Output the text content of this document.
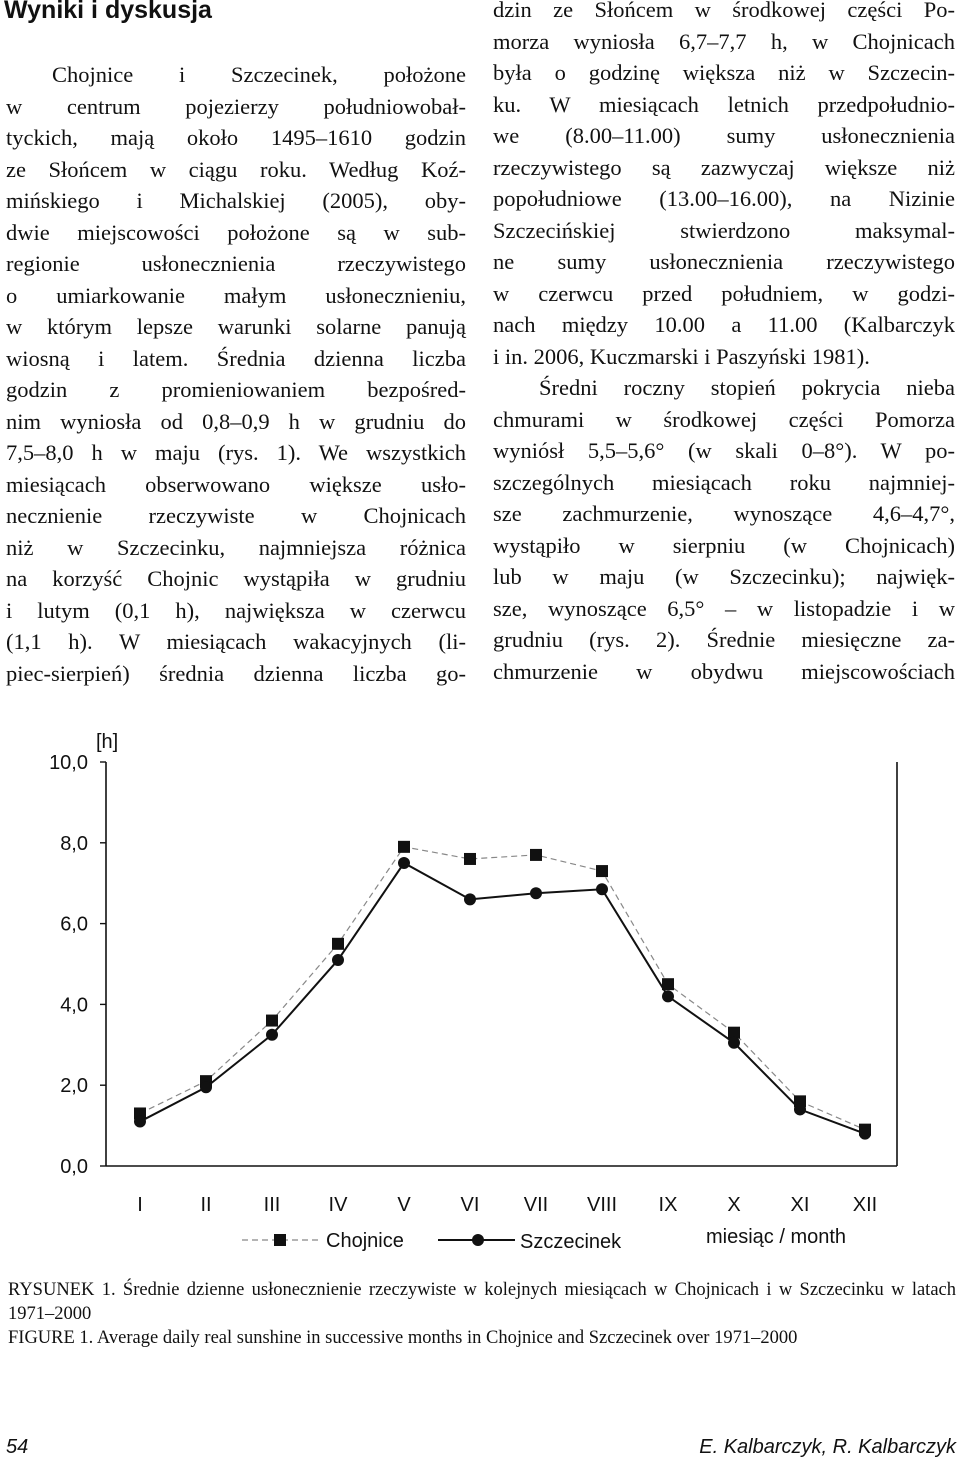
Wyniki i dyskusja
Chojnice i Szczecinek, położone
w centrum pojezierzy południowobał-
tyckich, mają około 1495–1610 godzin
ze Słońcem w ciągu roku. Według Koź-
mińskiego i Michalskiej (2005), oby-
dwie miejscowości położone są w sub-
regionie usłonecznienia rzeczywistego
o umiarkowanie małym usłonecznieniu,
w którym lepsze warunki solarne panują
wiosną i latem. Średnia dzienna liczba
godzin z promieniowaniem bezpośred-
nim wyniosła od 0,8–0,9 h w grudniu do
7,5–8,0 h w maju (rys. 1). We wszystkich
miesiącach obserwowano większe usło-
necznienie rzeczywiste w Chojnicach
niż w Szczecinku, najmniejsza różnica
na korzyść Chojnic wystąpiła w grudniu
i lutym (0,1 h), największa w czerwcu
(1,1 h). W miesiącach wakacyjnych (li-
piec-sierpień) średnia dzienna liczba go-
dzin ze Słońcem w środkowej części Po-
morza wyniosła 6,7–7,7 h, w Chojnicach
była o godzinę większa niż w Szczecin-
ku. W miesiącach letnich przedpołudnio-
we (8.00–11.00) sumy usłonecznienia
rzeczywistego są zazwyczaj większe niż
popołudniowe (13.00–16.00), na Nizinie
Szczecińskiej stwierdzono maksymal-
ne sumy usłonecznienia rzeczywistego
w czerwcu przed południem, w godzi-
nach między 10.00 a 11.00 (Kalbarczyk
i in. 2006, Kuczmarski i Paszyński 1981).
Średni roczny stopień pokrycia nieba
chmurami w środkowej części Pomorza
wyniósł 5,5–5,6° (w skali 0–8°). W po-
szczególnych miesiącach roku najmniej-
sze zachmurzenie, wynoszące 4,6–4,7°,
wystąpiło w sierpniu (w Chojnicach)
lub w maju (w Szczecinku); najwięk-
sze, wynoszące 6,5° – w listopadzie i w
grudniu (rys. 2). Średnie miesięczne za-
chmurzenie w obydwu miejscowościach
0,0
2,0
4,0
6,0
8,0
10,0
[h]
I	II	III IV V VI VII VIII IX X XI XII
Chojnice	Szczecinek	miesiąc / month
RYSUNEK 1. Średnie dzienne usłonecznienie rzeczywiste w kolejnych miesiącach w Chojnicach i w Szczecinku w latach 1971–2000
FIGURE 1. Average daily real sunshine in successive months in Chojnice and Szczecinek over 1971–2000
54	E. Kalbarczyk, R. Kalbarczyk
